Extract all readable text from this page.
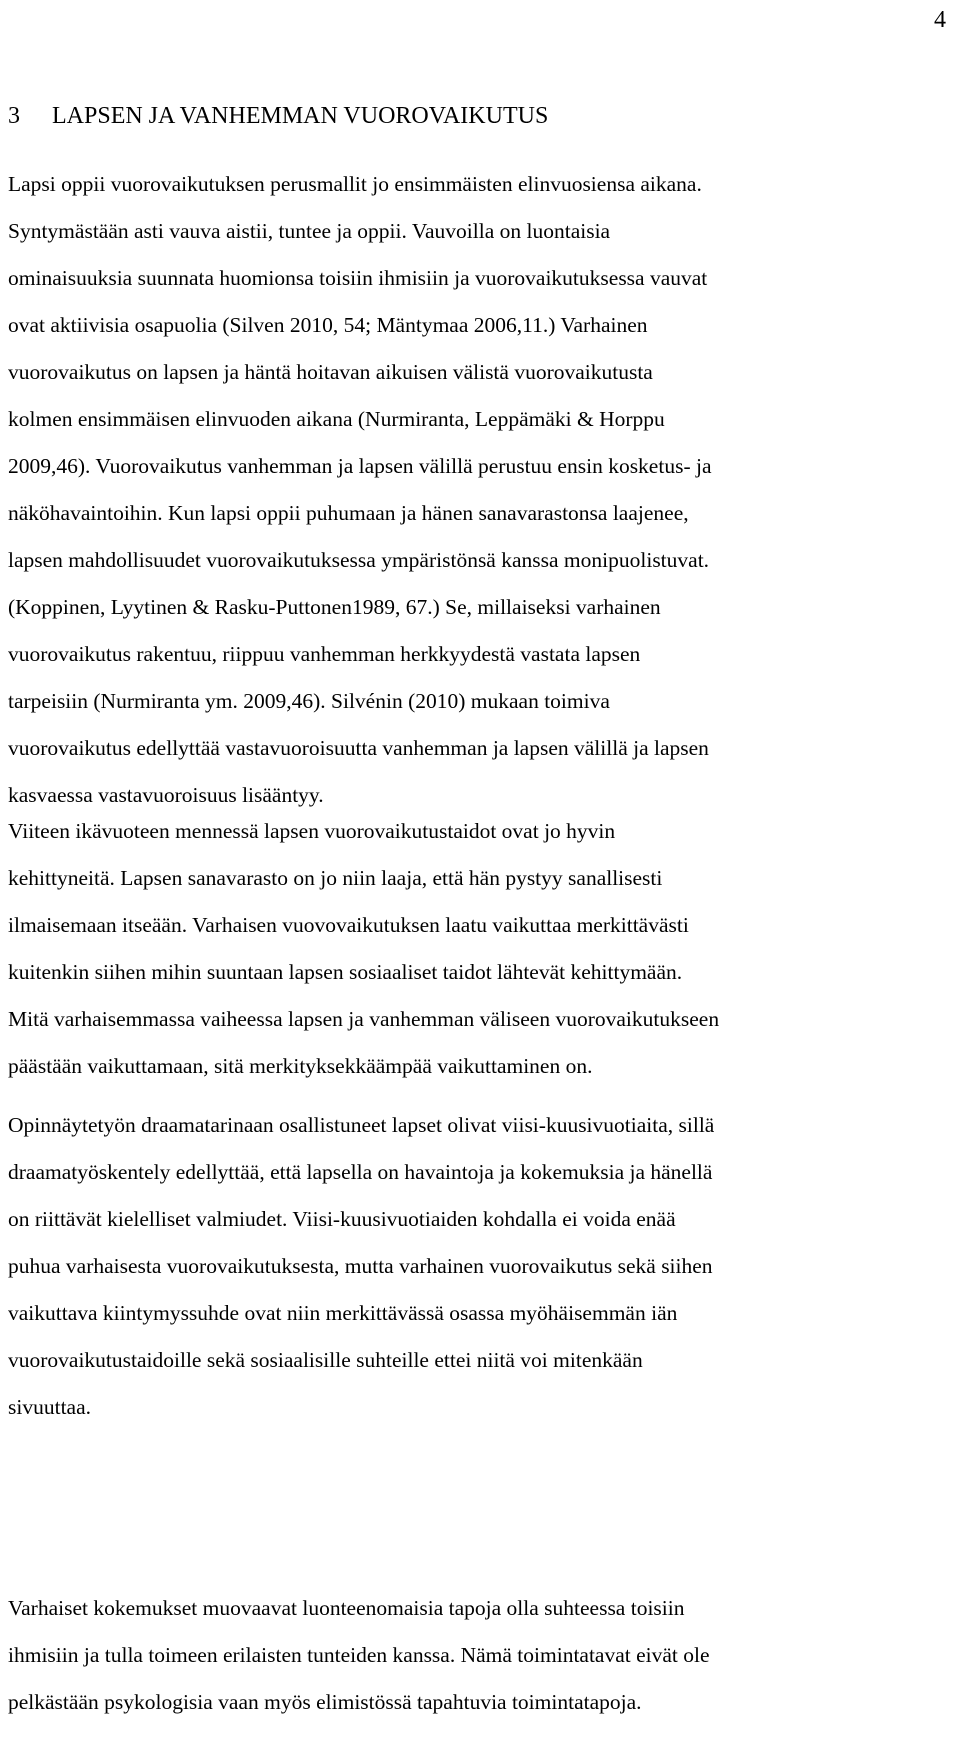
4
3 LAPSEN JA VANHEMMAN VUOROVAIKUTUS
Lapsi oppii vuorovaikutuksen perusmallit jo ensimmäisten elinvuosiensa aikana.
Syntymästään asti vauva aistii, tuntee ja oppii. Vauvoilla on luontaisia
ominaisuuksia suunnata huomionsa toisiin ihmisiin ja vuorovaikutuksessa vauvat
ovat aktiivisia osapuolia (Silven 2010, 54; Mäntymaa 2006,11.) Varhainen
vuorovaikutus on lapsen ja häntä hoitavan aikuisen välistä vuorovaikutusta
kolmen ensimmäisen elinvuoden aikana (Nurmiranta, Leppämäki & Horppu
2009,46). Vuorovaikutus vanhemman ja lapsen välillä perustuu ensin kosketus- ja
näköhavaintoihin. Kun lapsi oppii puhumaan ja hänen sanavarastonsa laajenee,
lapsen mahdollisuudet vuorovaikutuksessa ympäristönsä kanssa monipuolistuvat.
(Koppinen, Lyytinen & Rasku-Puttonen1989, 67.) Se, millaiseksi varhainen
vuorovaikutus rakentuu, riippuu vanhemman herkkyydestä vastata lapsen
tarpeisiin (Nurmiranta ym. 2009,46). Silvénin (2010) mukaan toimiva
vuorovaikutus edellyttää vastavuoroisuutta vanhemman ja lapsen välillä ja lapsen
kasvaessa vastavuoroisuus lisääntyy.
Viiteen ikävuoteen mennessä lapsen vuorovaikutustaidot ovat jo hyvin
kehittyneitä. Lapsen sanavarasto on jo niin laaja, että hän pystyy sanallisesti
ilmaisemaan itseään. Varhaisen vuovovaikutuksen laatu vaikuttaa merkittävästi
kuitenkin siihen mihin suuntaan lapsen sosiaaliset taidot lähtevät kehittymään.
Mitä varhaisemmassa vaiheessa lapsen ja vanhemman väliseen vuorovaikutukseen
päästään vaikuttamaan, sitä merkityksekkäämpää vaikuttaminen on.
Opinnäytetyön draamatarinaan osallistuneet lapset olivat viisi-kuusivuotiaita, sillä
draamatyöskentely edellyttää, että lapsella on havaintoja ja kokemuksia ja hänellä
on riittävät kielelliset valmiudet. Viisi-kuusivuotiaiden kohdalla ei voida enää
puhua varhaisesta vuorovaikutuksesta, mutta varhainen vuorovaikutus sekä siihen
vaikuttava kiintymyssuhde ovat niin merkittävässä osassa myöhäisemmän iän
vuorovaikutustaidoille sekä sosiaalisille suhteille ettei niitä voi mitenkään
sivuuttaa.
Varhaiset kokemukset muovaavat luonteenomaisia tapoja olla suhteessa toisiin
ihmisiin ja tulla toimeen erilaisten tunteiden kanssa. Nämä toimintatavat eivät ole
pelkästään psykologisia vaan myös elimistössä tapahtuvia toimintatapoja.
